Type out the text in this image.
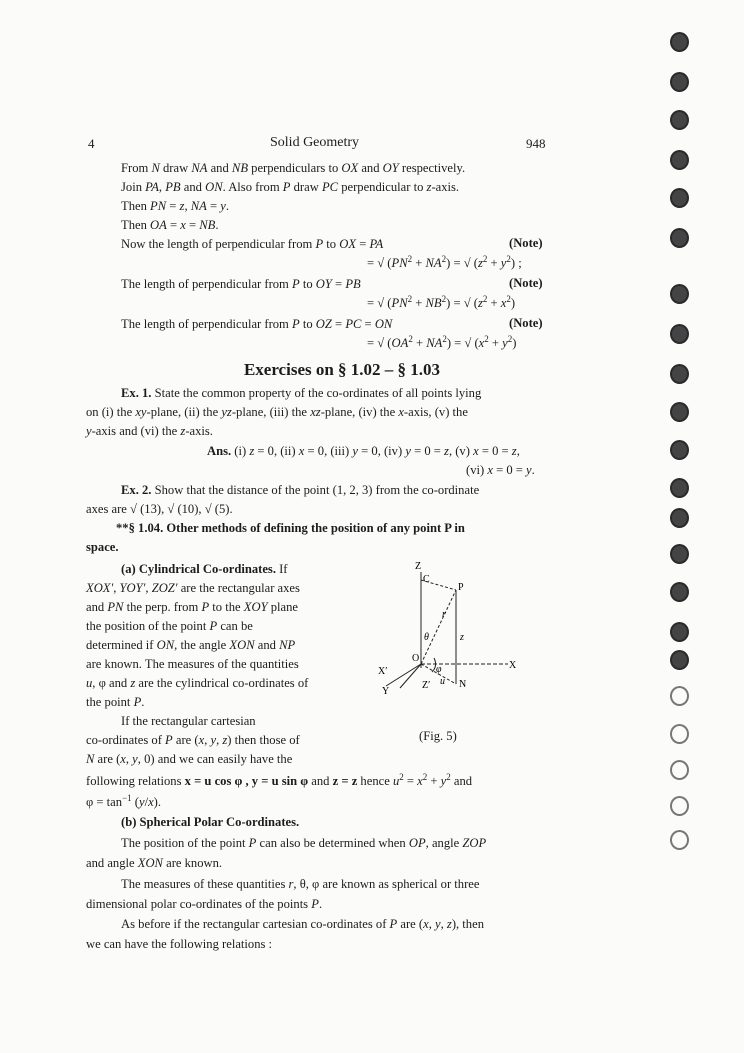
4	Solid Geometry	948
From N draw NA and NB perpendiculars to OX and OY respectively.
Join PA, PB and ON. Also from P draw PC perpendicular to z-axis.
Then PN = z, NA = y.
Then OA = x = NB.
Now the length of perpendicular from P to OX = PA	(Note)
= √ $(PN^2 + NA^2)$ = √ $(z^2 + y^2)$ ;
The length of perpendicular from P to OY = PB	(Note)
= √ $(PN^2 + NB^2)$ = √ $(z^2 + x^2)$
The length of perpendicular from P to OZ = PC = ON	(Note)
= √ $(OA^2 + NA^2)$ = √ $(x^2 + y^2)$
Exercises on § 1.02 – § 1.03
Ex. 1. State the common property of the co-ordinates of all points lying
on (i) the xy-plane, (ii) the yz-plane, (iii) the xz-plane, (iv) the x-axis, (v) the
y-axis and (vi) the z-axis.
Ans. (i) z = 0, (ii) x = 0, (iii) y = 0, (iv) y = 0 = z, (v) x = 0 = z,
(vi) x = 0 = y.
Ex. 2. Show that the distance of the point (1, 2, 3) from the co-ordinate
axes are √ (13), √ (10), √ (5).
**§ 1.04. Other methods of defining the position of any point P in
space.
(a) Cylindrical Co-ordinates. If
XOX′, YOY′, ZOZ′ are the rectangular axes
and PN the perp. from P to the XOY plane
the position of the point P can be
determined if ON, the angle XON and NP
are known. The measures of the quantities
u, φ and z are the cylindrical co-ordinates of
the point P.
If the rectangular cartesian
co-ordinates of P are (x, y, z) then those of
N are (x, y, 0) and we can easily have the
Z
C
P
r
θ	z
O
X
X′	φ
u N
Y
Z′
(Fig. 5)
following relations x = u cos φ , y = u sin φ and z = z hence $u^2 = x^2 + y^2$ and
$\varphi = \tan^{-1} (y/x)$.
(b) Spherical Polar Co-ordinates.
The position of the point P can also be determined when OP, angle ZOP
and angle XON are known.
The measures of these quantities r, θ, φ are known as spherical or three
dimensional polar co-ordinates of the points P.
As before if the rectangular cartesian co-ordinates of P are (x, y, z), then
we can have the following relations :
